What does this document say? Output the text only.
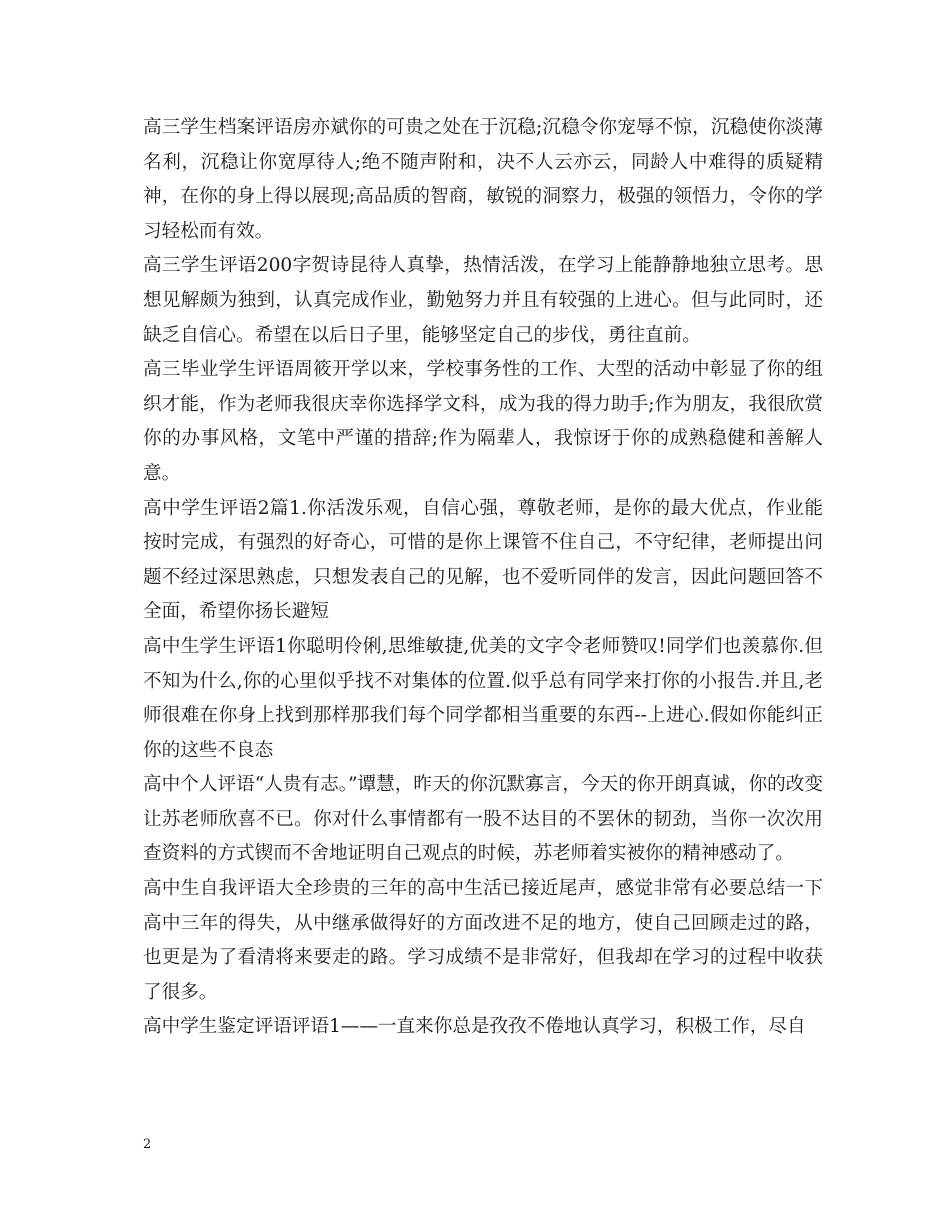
高三学生档案评语房亦斌你的可贵之处在于沉稳;沉稳令你宠辱不惊，沉稳使你淡薄名利，沉稳让你宽厚待人;绝不随声附和，决不人云亦云，同龄人中难得的质疑精神，在你的身上得以展现;高品质的智商，敏锐的洞察力，极强的领悟力，令你的学习轻松而有效。

高三学生评语200字贺诗昆待人真挚，热情活泼，在学习上能静静地独立思考。思想见解颇为独到，认真完成作业，勤勉努力并且有较强的上进心。但与此同时，还缺乏自信心。希望在以后日子里，能够坚定自己的步伐，勇往直前。

高三毕业学生评语周筱开学以来，学校事务性的工作、大型的活动中彰显了你的组织才能，作为老师我很庆幸你选择学文科，成为我的得力助手;作为朋友，我很欣赏你的办事风格，文笔中严谨的措辞;作为隔辈人，我惊讶于你的成熟稳健和善解人意。

高中学生评语2篇1.你活泼乐观，自信心强，尊敬老师，是你的最大优点，作业能按时完成，有强烈的好奇心，可惜的是你上课管不住自己，不守纪律，老师提出问题不经过深思熟虑，只想发表自己的见解，也不爱听同伴的发言，因此问题回答不全面，希望你扬长避短

高中生学生评语1你聪明伶俐,思维敏捷,优美的文字令老师赞叹!同学们也羡慕你.但不知为什么,你的心里似乎找不对集体的位置.似乎总有同学来打你的小报告.并且,老师很难在你身上找到那样那我们每个同学都相当重要的东西--上进心.假如你能纠正你的这些不良态

高中个人评语“人贵有志。”谭慧，昨天的你沉默寡言，今天的你开朗真诚，你的改变让苏老师欣喜不已。你对什么事情都有一股不达目的不罢休的韧劲，当你一次次用查资料的方式锲而不舍地证明自己观点的时候，苏老师着实被你的精神感动了。

高中生自我评语大全珍贵的三年的高中生活已接近尾声，感觉非常有必要总结一下高中三年的得失，从中继承做得好的方面改进不足的地方，使自己回顾走过的路，也更是为了看清将来要走的路。学习成绩不是非常好，但我却在学习的过程中收获了很多。

高中学生鉴定评语评语1——一直来你总是孜孜不倦地认真学习，积极工作，尽自

2
